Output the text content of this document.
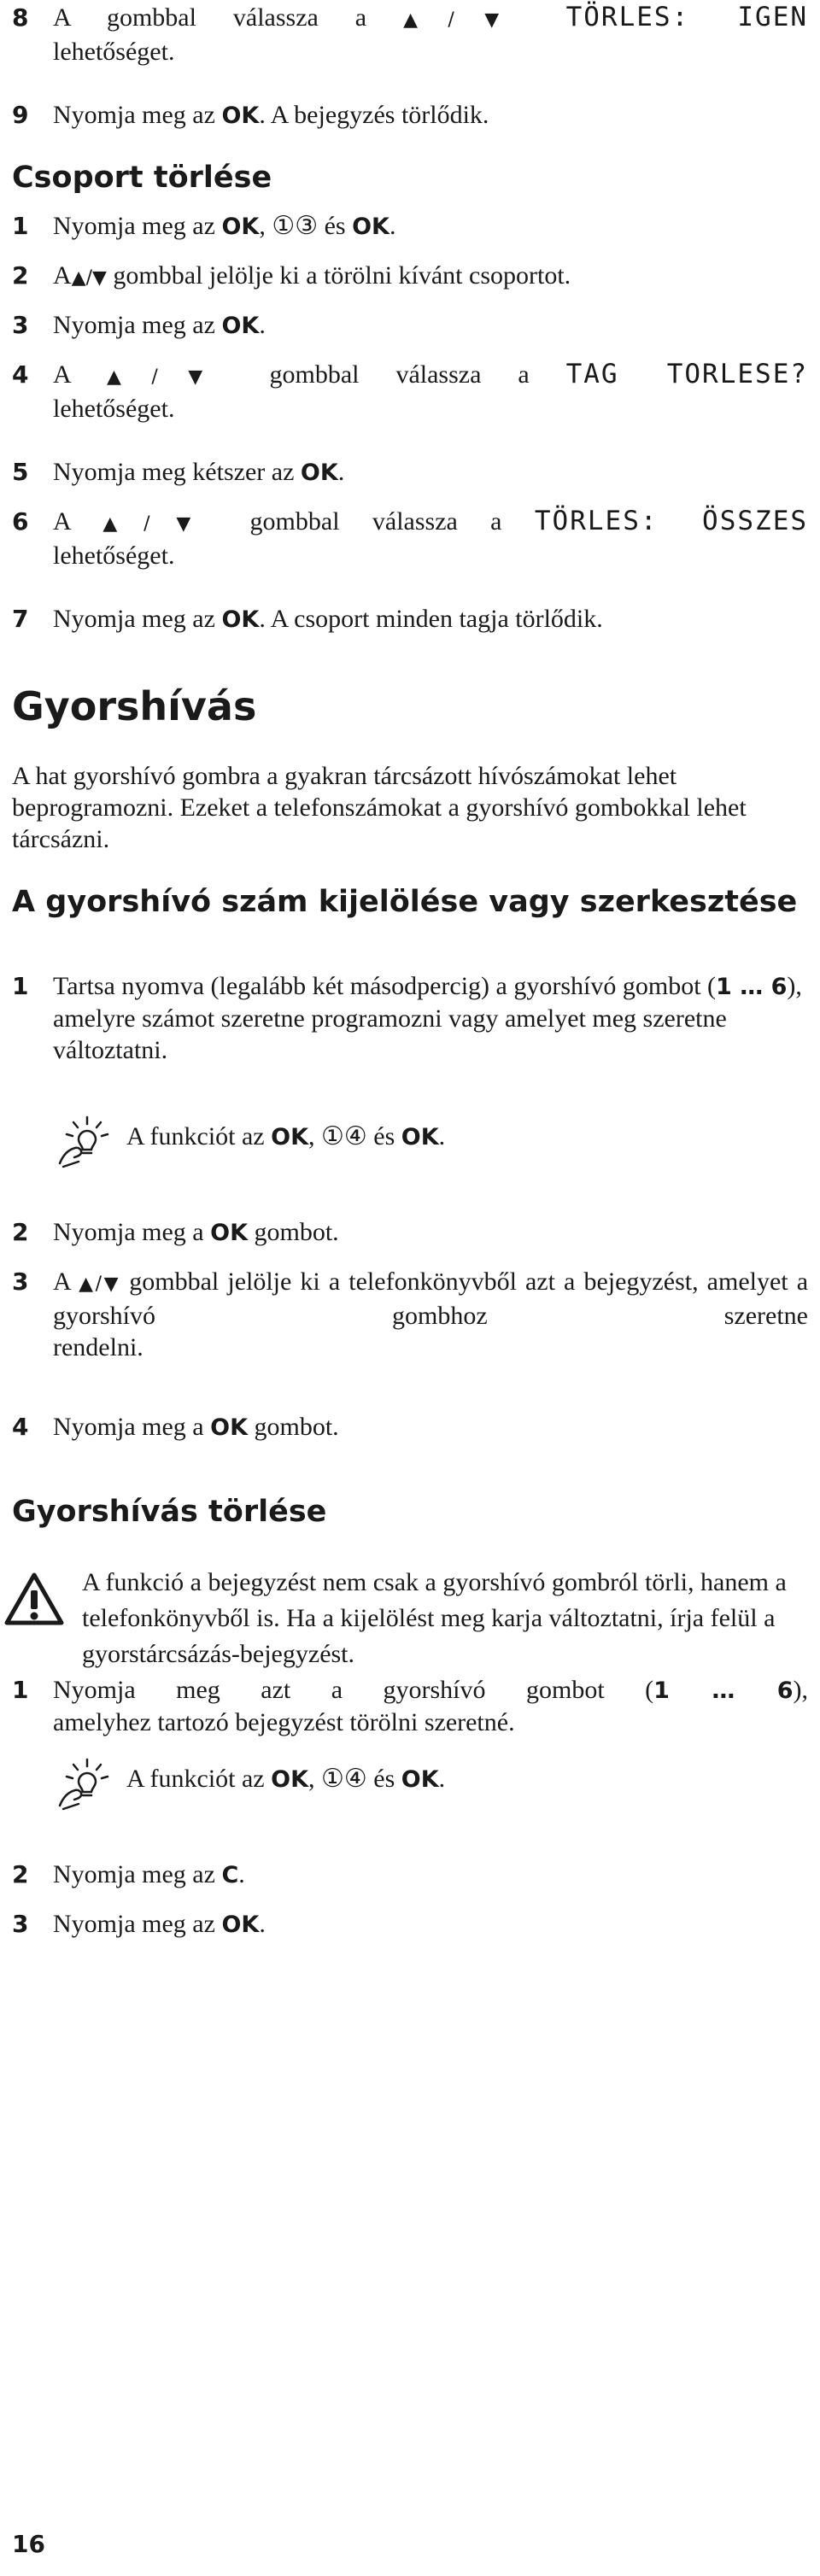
8 A gombbal válassza a ▲/▼ TÖRLES: IGEN
lehetőséget.
9 Nyomja meg az OK. A bejegyzés törlődik.
Csoport törlése
1 Nyomja meg az OK, ①③ és OK.
2 A▲/▼ gombbal jelölje ki a törölni kívánt csoportot.
3 Nyomja meg az OK.
4 A ▲/▼ gombbal válassza a TAG TORLESE?
lehetőséget.
5 Nyomja meg kétszer az OK.
6 A ▲/▼ gombbal válassza a TÖRLES: ÖSSZES
lehetőséget.
7 Nyomja meg az OK. A csoport minden tagja törlődik.
Gyorshívás
A hat gyorshívó gombra a gyakran tárcsázott hívószámokat lehet beprogramozni. Ezeket a telefonszámokat a gyorshívó gombokkal lehet tárcsázni.
A gyorshívó szám kijelölése vagy szerkesztése
1 Tartsa nyomva (legalább két másodpercig) a gyorshívó gombot (1 … 6), amelyre számot szeretne programozni vagy amelyet meg szeretne változtatni.
A funkciót az OK, ①④ és OK.
2 Nyomja meg a OK gombot.
3 A ▲/▼ gombbal jelölje ki a telefonkönyvből azt a bejegyzést, amelyet a gyorshívó gombhoz szeretne
rendelni.
4 Nyomja meg a OK gombot.
Gyorshívás törlése
A funkció a bejegyzést nem csak a gyorshívó gombról törli, hanem a telefonkönyvből is. Ha a kijelölést meg karja változtatni, írja felül a gyorstárcsázás-bejegyzést.
1 Nyomja meg azt a gyorshívó gombot (1 … 6),
amelyhez tartozó bejegyzést törölni szeretné.
A funkciót az OK, ①④ és OK.
2 Nyomja meg az C.
3 Nyomja meg az OK.
16
